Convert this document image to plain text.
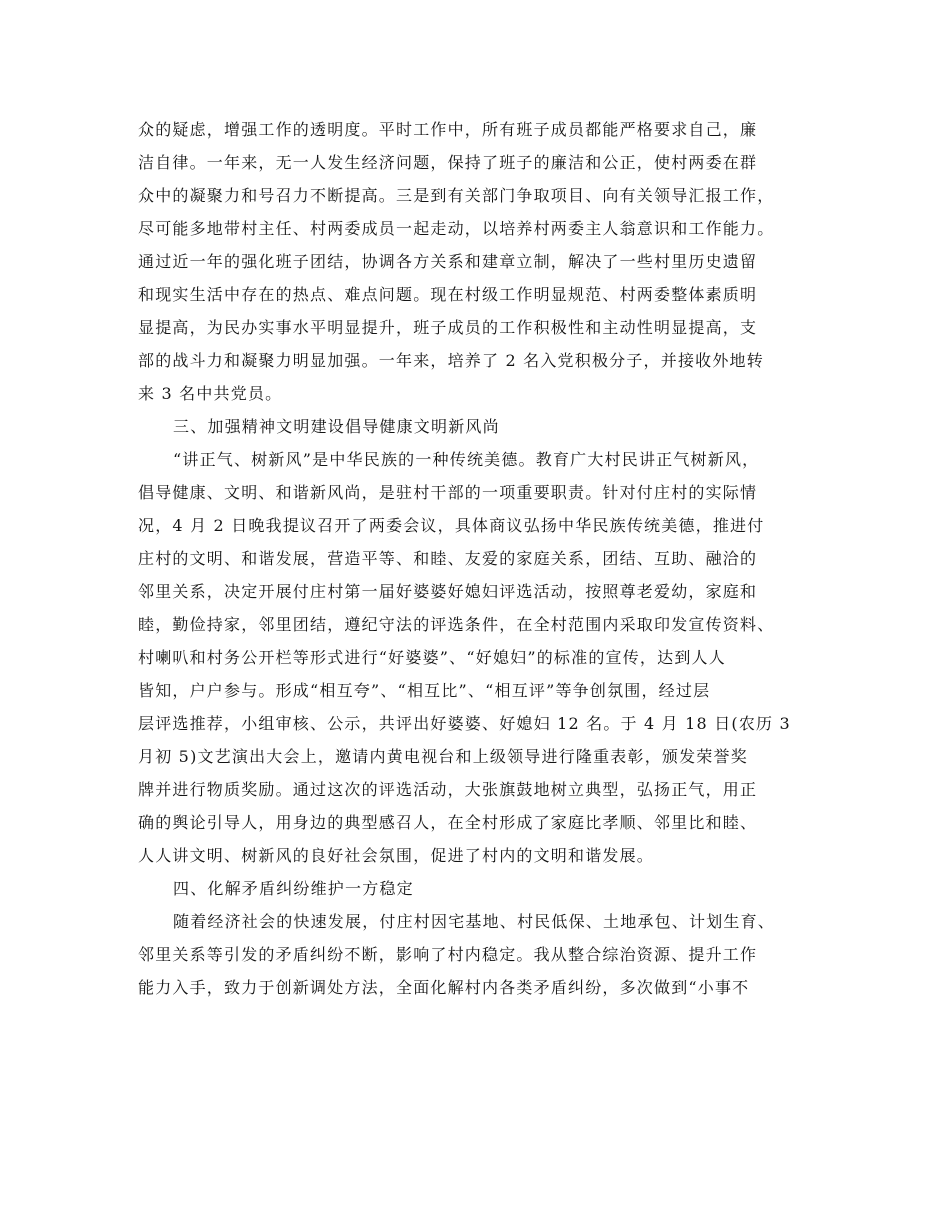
众的疑虑，增强工作的透明度。平时工作中，所有班子成员都能严格要求自己，廉
洁自律。一年来，无一人发生经济问题，保持了班子的廉洁和公正，使村两委在群
众中的凝聚力和号召力不断提高。三是到有关部门争取项目、向有关领导汇报工作，
尽可能多地带村主任、村两委成员一起走动，以培养村两委主人翁意识和工作能力。
通过近一年的强化班子团结，协调各方关系和建章立制，解决了一些村里历史遗留
和现实生活中存在的热点、难点问题。现在村级工作明显规范、村两委整体素质明
显提高，为民办实事水平明显提升，班子成员的工作积极性和主动性明显提高，支
部的战斗力和凝聚力明显加强。一年来，培养了 2 名入党积极分子，并接收外地转
来 3 名中共党员。
三、加强精神文明建设倡导健康文明新风尚
“讲正气、树新风”是中华民族的一种传统美德。教育广大村民讲正气树新风，
倡导健康、文明、和谐新风尚，是驻村干部的一项重要职责。针对付庄村的实际情
况，4 月 2 日晚我提议召开了两委会议，具体商议弘扬中华民族传统美德，推进付
庄村的文明、和谐发展，营造平等、和睦、友爱的家庭关系，团结、互助、融洽的
邻里关系，决定开展付庄村第一届好婆婆好媳妇评选活动，按照尊老爱幼，家庭和
睦，勤俭持家，邻里团结，遵纪守法的评选条件，在全村范围内采取印发宣传资料、
村喇叭和村务公开栏等形式进行“好婆婆”、“好媳妇”的标准的宣传，达到人人
皆知，户户参与。形成“相互夸”、“相互比”、“相互评”等争创氛围，经过层
层评选推荐，小组审核、公示，共评出好婆婆、好媳妇 12 名。于 4 月 18 日(农历 3
月初 5)文艺演出大会上，邀请内黄电视台和上级领导进行隆重表彰，颁发荣誉奖
牌并进行物质奖励。通过这次的评选活动，大张旗鼓地树立典型，弘扬正气，用正
确的舆论引导人，用身边的典型感召人，在全村形成了家庭比孝顺、邻里比和睦、
人人讲文明、树新风的良好社会氛围，促进了村内的文明和谐发展。
四、化解矛盾纠纷维护一方稳定
随着经济社会的快速发展，付庄村因宅基地、村民低保、土地承包、计划生育、
邻里关系等引发的矛盾纠纷不断，影响了村内稳定。我从整合综治资源、提升工作
能力入手，致力于创新调处方法，全面化解村内各类矛盾纠纷，多次做到“小事不
